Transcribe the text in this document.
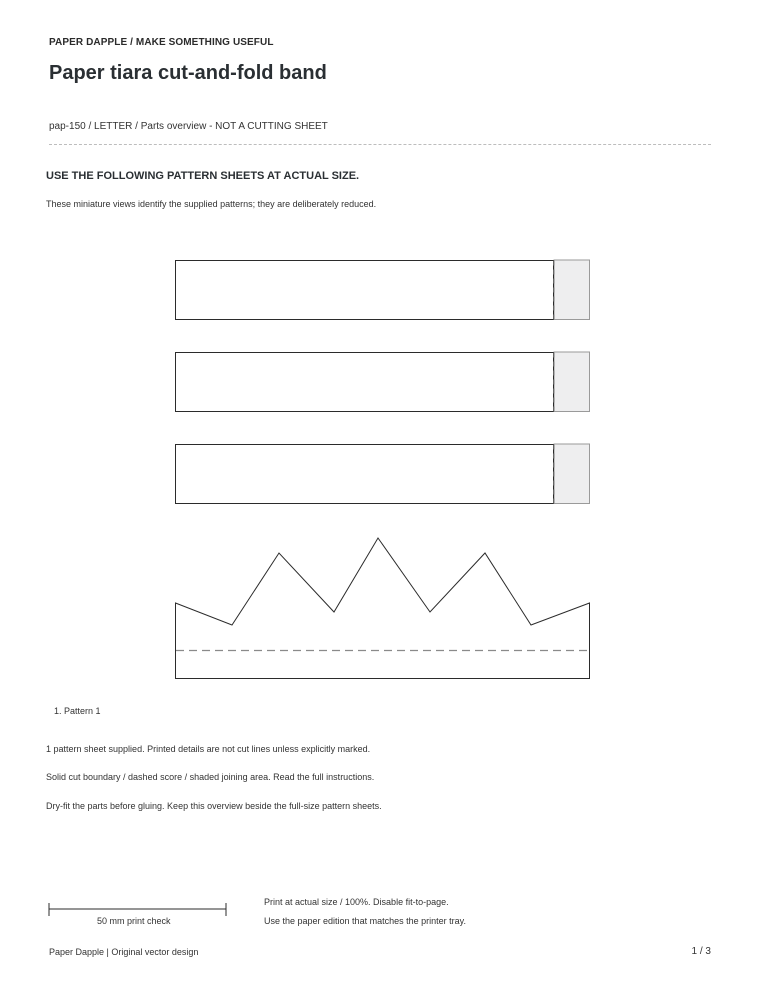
PAPER DAPPLE / MAKE SOMETHING USEFUL
Paper tiara cut-and-fold band
pap-150 / LETTER / Parts overview - NOT A CUTTING SHEET
USE THE FOLLOWING PATTERN SHEETS AT ACTUAL SIZE.
These miniature views identify the supplied patterns; they are deliberately reduced.
1. Pattern 1
1 pattern sheet supplied. Printed details are not cut lines unless explicitly marked.
Solid cut boundary / dashed score / shaded joining area. Read the full instructions.
Dry-fit the parts before gluing. Keep this overview beside the full-size pattern sheets.
50 mm print check
Print at actual size / 100%. Disable fit-to-page.
Use the paper edition that matches the printer tray.
Paper Dapple | Original vector design	1 / 3
